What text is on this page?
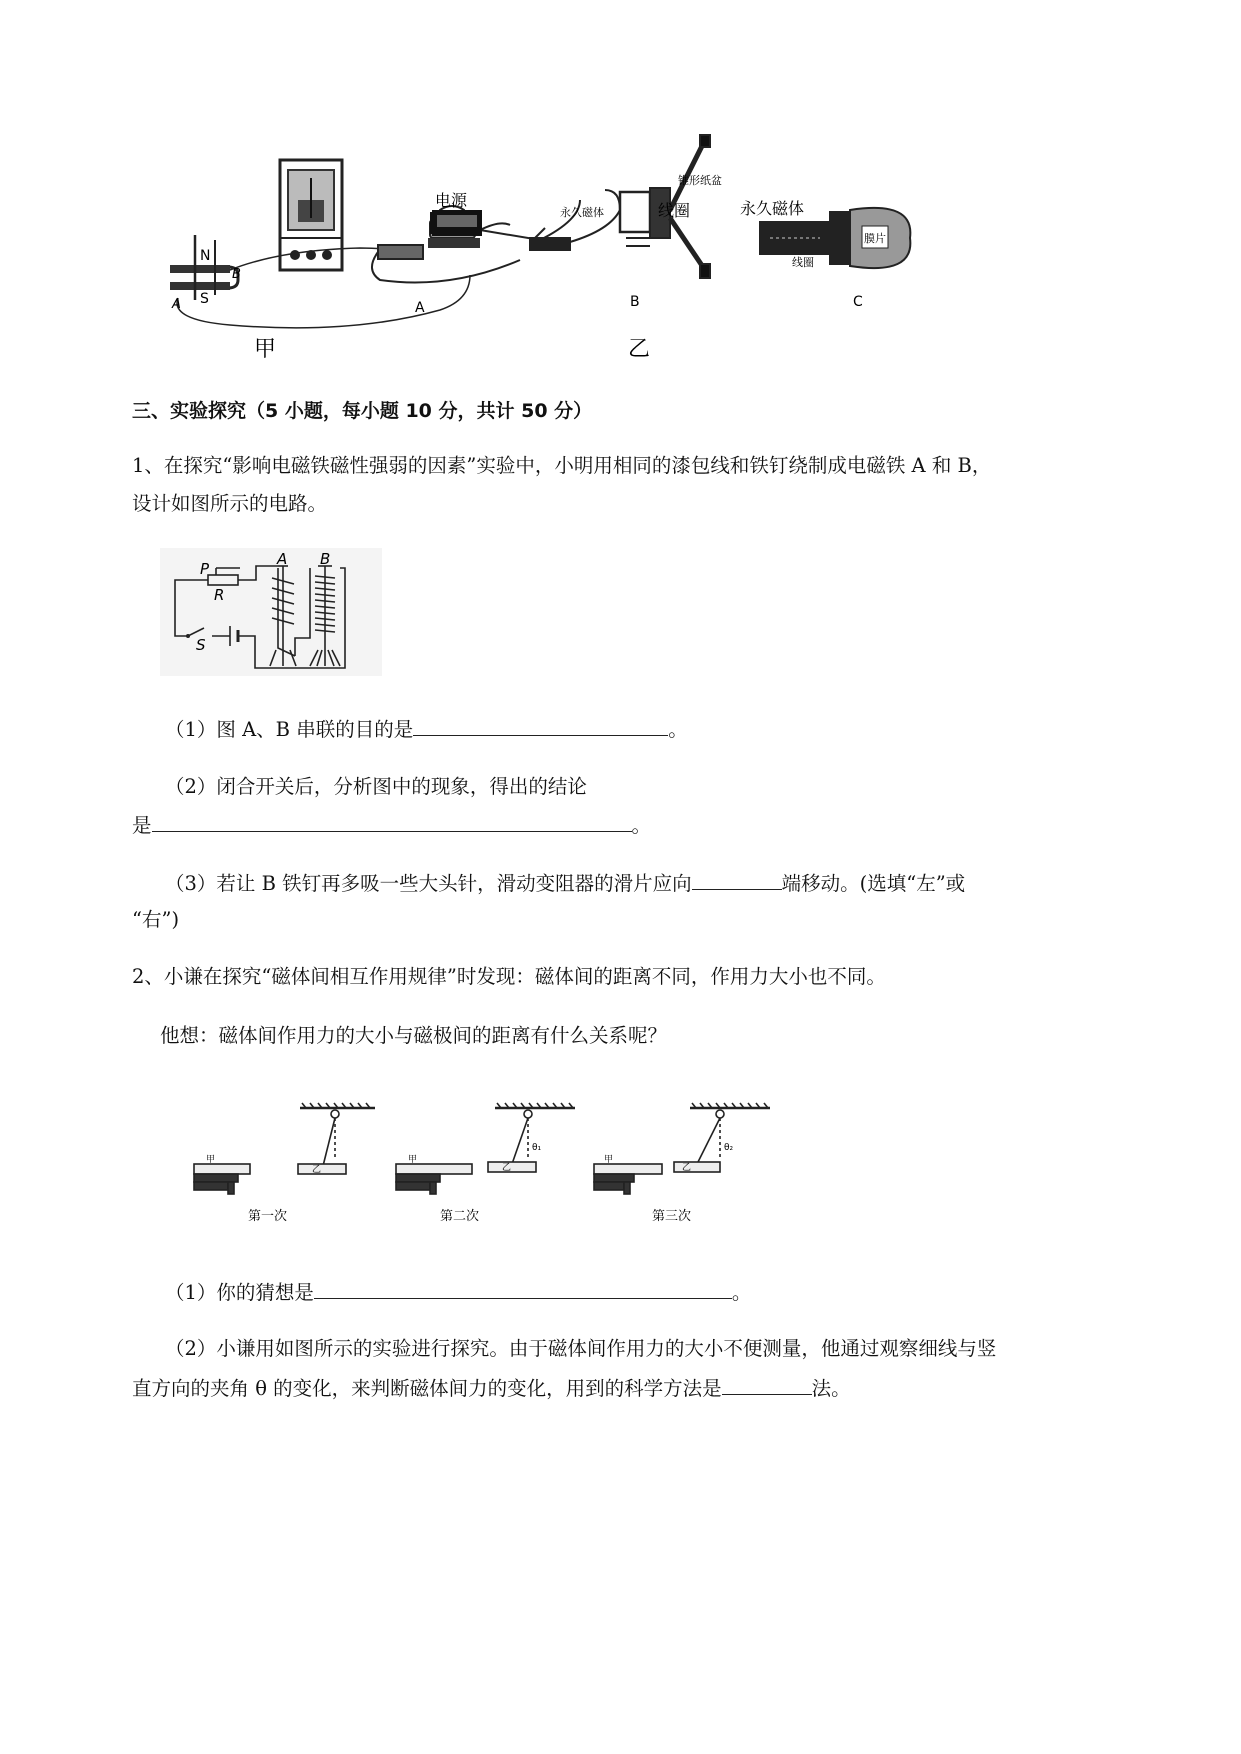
N
S
A
B
电源
永久磁体
锥形纸盆
线圈	永久磁体
膜片
线圈
A	B	C
甲	乙
三、实验探究（5 小题，每小题 10 分，共计 50 分）
1、在探究“影响电磁铁磁性强弱的因素”实验中，小明用相同的漆包线和铁钉绕制成电磁铁 A 和 B，
设计如图所示的电路。
P
R
S
A B
（1）图 A、B 串联的目的是	。
（2）闭合开关后，分析图中的现象，得出的结论
是	。
（3）若让 B 铁钉再多吸一些大头针，滑动变阻器的滑片应向	端移动。(选填“左”或
“右”)
2、小谦在探究“磁体间相互作用规律”时发现：磁体间的距离不同，作用力大小也不同。
他想：磁体间作用力的大小与磁极间的距离有什么关系呢？
甲
乙
第一次
甲
乙
θ₁
第二次
甲
乙
θ₂
第三次
（1）你的猜想是	。
（2）小谦用如图所示的实验进行探究。由于磁体间作用力的大小不便测量，他通过观察细线与竖
直方向的夹角 θ 的变化，来判断磁体间力的变化，用到的科学方法是	法。
